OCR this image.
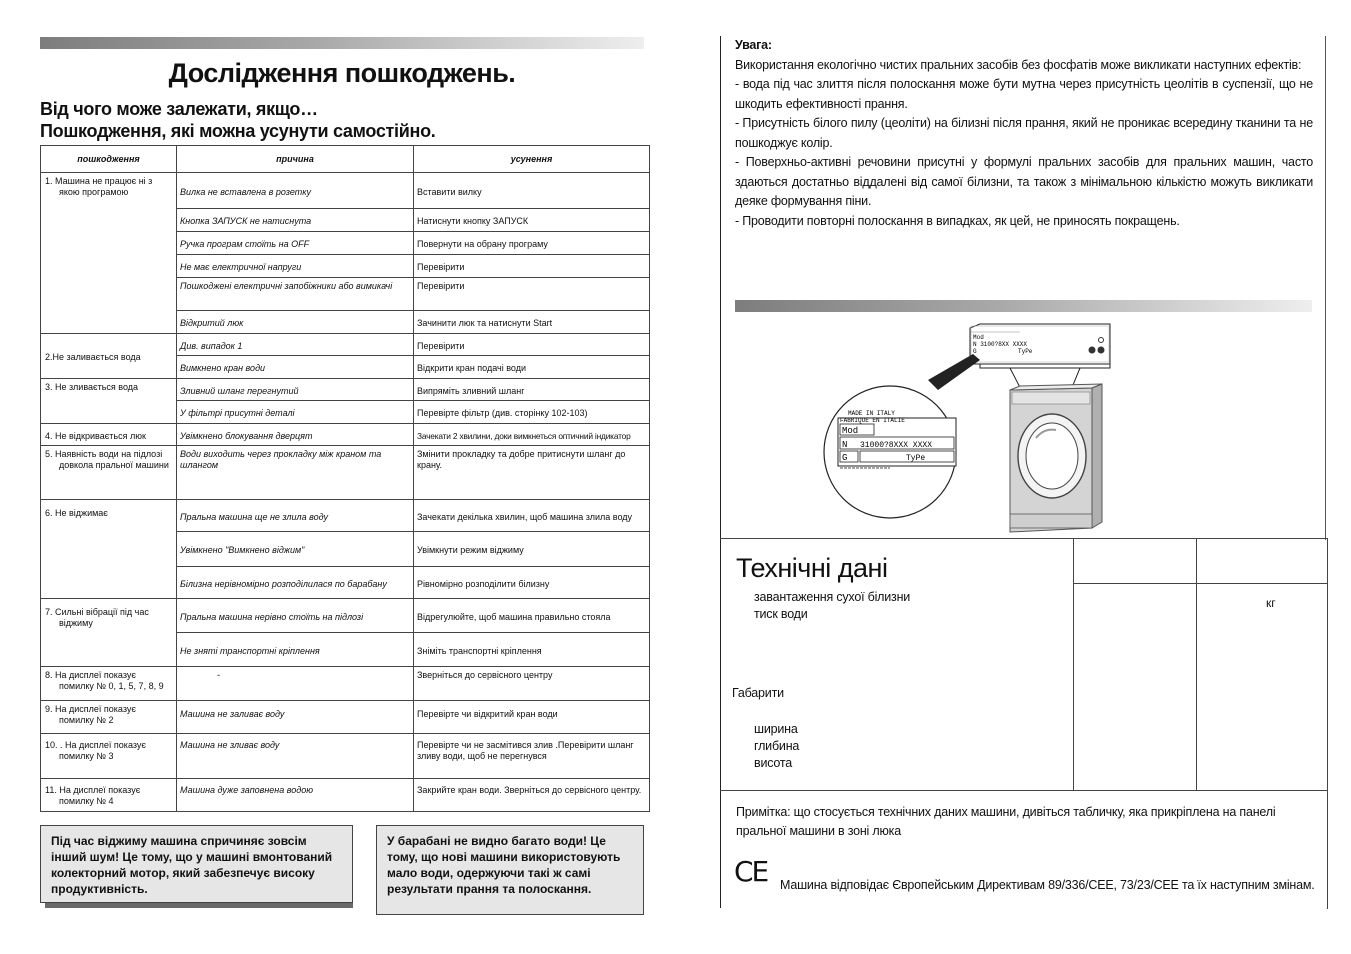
Дослідження пошкоджень.
Від чого може залежати, якщо…
Пошкодження, які можна усунути самостійно.
пошкодження	причина	усунення

1. Машина не працює ні з якою програмою	Вилка не вставлена в розетку	Вставити вилку
	Кнопка ЗАПУСК не натиснута	Натиснути кнопку ЗАПУСК
	Ручка програм стоїть на OFF	Повернути на обрану програму
	Не має електричної напруги	Перевірити
	Пошкоджені електричні запобіжники або вимикачі	Перевірити
	Відкритий люк	Зачинити люк та натиснути Start
2.Не заливається вода	Див. випадок 1	Перевірити
	Вимкнено кран води	Відкрити кран подачі води
3. Не зливається вода	Зливний шланг перегнутий	Випряміть зливний шланг
	У фільтрі присутні деталі	Перевірте фільтр (див. сторінку 102-103)
4. Не відкривається люк	Увімкнено блокування дверцят	Зачекати 2 хвилини, доки вимкнеться оптичний індикатор

5. Наявність води на підлозі довкола пральної машини	Води виходить через прокладку між краном та шлангом	Змінити прокладку та добре притиснути шланг до крану.
6. Не віджимає	Пральна машина ще не злила воду	Зачекати декілька хвилин, щоб машина злила воду
	Увімкнено "Вимкнено віджим"	Увімкнути режим віджиму
	Білизна нерівномірно розподілилася по барабану	Рівномірно розподілити білизну

7. Сильні вібрації під час віджиму	Пральна машина нерівно стоїть на підлозі	Відрегулюйте, щоб машина правильно стояла
	Не зняті транспортні кріплення	Зніміть транспортні кріплення

8. На дисплеї показує помилку № 0, 1, 5, 7, 8, 9	-	Зверніться до сервісного центру

9. На дисплеї показує помилку № 2	Машина не заливає воду	Перевірте чи відкритий кран води

10. . На дисплеї показує помилку № 3	Машина не зливає воду	Перевірте чи не засмітився злив .Перевірити шланг зливу води, щоб не перегнувся

11. На дисплеї показує помилку № 4	Машина дуже заповнена водою	Закрийте кран води. Зверніться до сервісного центру.
Під час віджиму машина спричиняє зовсім інший шум! Це тому, що у машині вмонтований колекторний мотор, який забезпечує високу продуктивність.
У барабані не видно багато води! Це тому, що нові машини використовують мало води, одержуючи такі ж самі результати прання та полоскання.
Увага:
Використання екологічно чистих пральних засобів без фосфатів може викликати наступних ефектів:
- вода під час злиття після полоскання може бути мутна через присутність цеолітів в суспензії, що не шкодить ефективності прання.
- Присутність білого пилу (цеоліти) на білизні після прання, який не проникає всередину тканини та не пошкоджує колір.
- Поверхньо-активні речовини присутні у формулі пральних засобів для пральних машин, часто здаються достатньо віддалені від самої білизни, та також з мінімальною кількістю можуть викликати деяке формування піни.
- Проводити повторні полоскання в випадках, як цей, не приносять покращень.
Mod
N 3100?8XX XXXX
G	TyPe
MADE IN ITALY
FABRIQUE EN ITALIE
Mod
N 31000?8XXX XXXX
G	TyPe
Технічні дані
завантаження сухої білизни
тиск води
кг
Габарити
ширина
глибина
висота
Примітка: що стосується технічних даних машини, дивіться табличку, яка прикріплена на панелі пральної машини в зоні люка
CE Машина відповідає Європейським Директивам 89/336/CEE, 73/23/CEE та їх наступним змінам.
